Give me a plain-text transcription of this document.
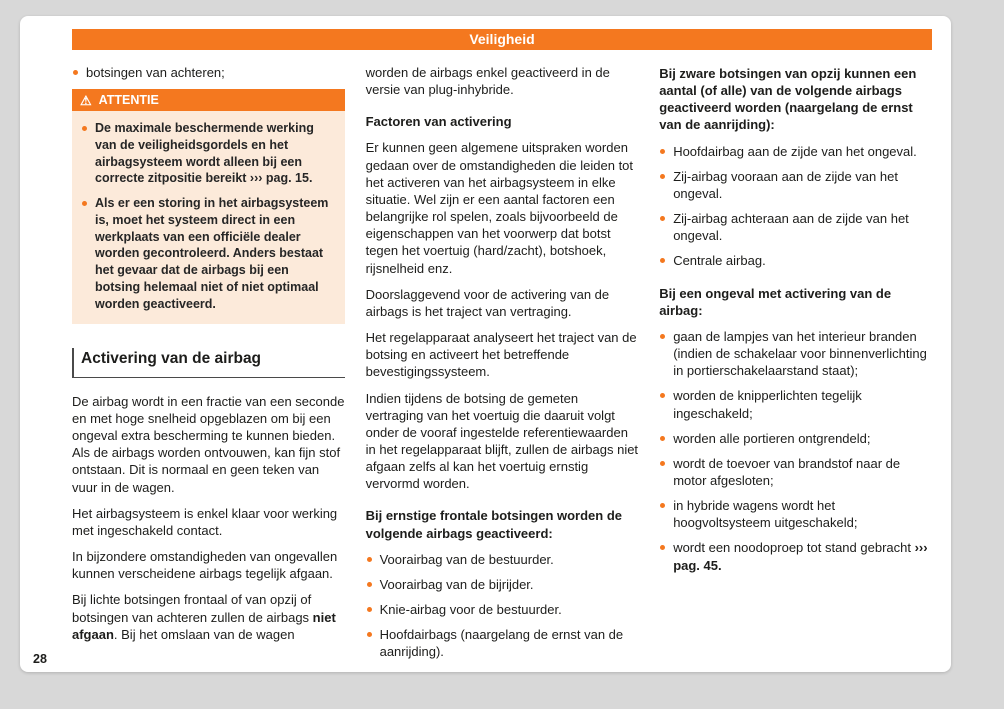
Veiligheid
botsingen van achteren;
⚠ ATTENTIE
De maximale beschermende werking van de veiligheidsgordels en het airbagsysteem wordt alleen bij een correcte zitpositie bereikt ››› pag. 15.
Als er een storing in het airbagsysteem is, moet het systeem direct in een werkplaats van een officiële dealer worden gecontroleerd. Anders bestaat het gevaar dat de airbags bij een botsing helemaal niet of niet optimaal worden geactiveerd.
Activering van de airbag

De airbag wordt in een fractie van een seconde en met hoge snelheid opgeblazen om bij een ongeval extra bescherming te kunnen bieden. Als de airbags worden ontvouwen, kan fijn stof ontstaan. Dit is normaal en geen teken van vuur in de wagen.

Het airbagsysteem is enkel klaar voor werking met ingeschakeld contact.

In bijzondere omstandigheden van ongevallen kunnen verscheidene airbags tegelijk afgaan.

Bij lichte botsingen frontaal of van opzij of botsingen van achteren zullen de airbags niet afgaan. Bij het omslaan van de wagen

worden de airbags enkel geactiveerd in de versie van plug-inhybride.

Factoren van activering

Er kunnen geen algemene uitspraken worden gedaan over de omstandigheden die leiden tot het activeren van het airbagsysteem in elke situatie. Wel zijn er een aantal factoren een belangrijke rol spelen, zoals bijvoorbeeld de eigenschappen van het voorwerp dat botst tegen het voertuig (hard/zacht), botshoek, rijsnelheid enz.

Doorslaggevend voor de activering van de airbags is het traject van vertraging.

Het regelapparaat analyseert het traject van de botsing en activeert het betreffende bevestigingssysteem.

Indien tijdens de botsing de gemeten vertraging van het voertuig die daaruit volgt onder de vooraf ingestelde referentiewaarden in het regelapparaat blijft, zullen de airbags niet afgaan zelfs al kan het voertuig ernstig vervormd worden.

Bij ernstige frontale botsingen worden de volgende airbags geactiveerd:
Voorairbag van de bestuurder.
Voorairbag van de bijrijder.
Knie-airbag voor de bestuurder.
Hoofdairbags (naargelang de ernst van de aanrijding).
Bij zware botsingen van opzij kunnen een aantal (of alle) van de volgende airbags geactiveerd worden (naargelang de ernst van de aanrijding):
Hoofdairbag aan de zijde van het ongeval.
Zij-airbag vooraan aan de zijde van het ongeval.
Zij-airbag achteraan aan de zijde van het ongeval.
Centrale airbag.
Bij een ongeval met activering van de airbag:
gaan de lampjes van het interieur branden (indien de schakelaar voor binnenverlichting in portierschakelaarstand staat);
worden de knipperlichten tegelijk ingeschakeld;
worden alle portieren ontgrendeld;
wordt de toevoer van brandstof naar de motor afgesloten;
in hybride wagens wordt het hoogvoltsysteem uitgeschakeld;
wordt een noodoproep tot stand gebracht ››› pag. 45.
28
